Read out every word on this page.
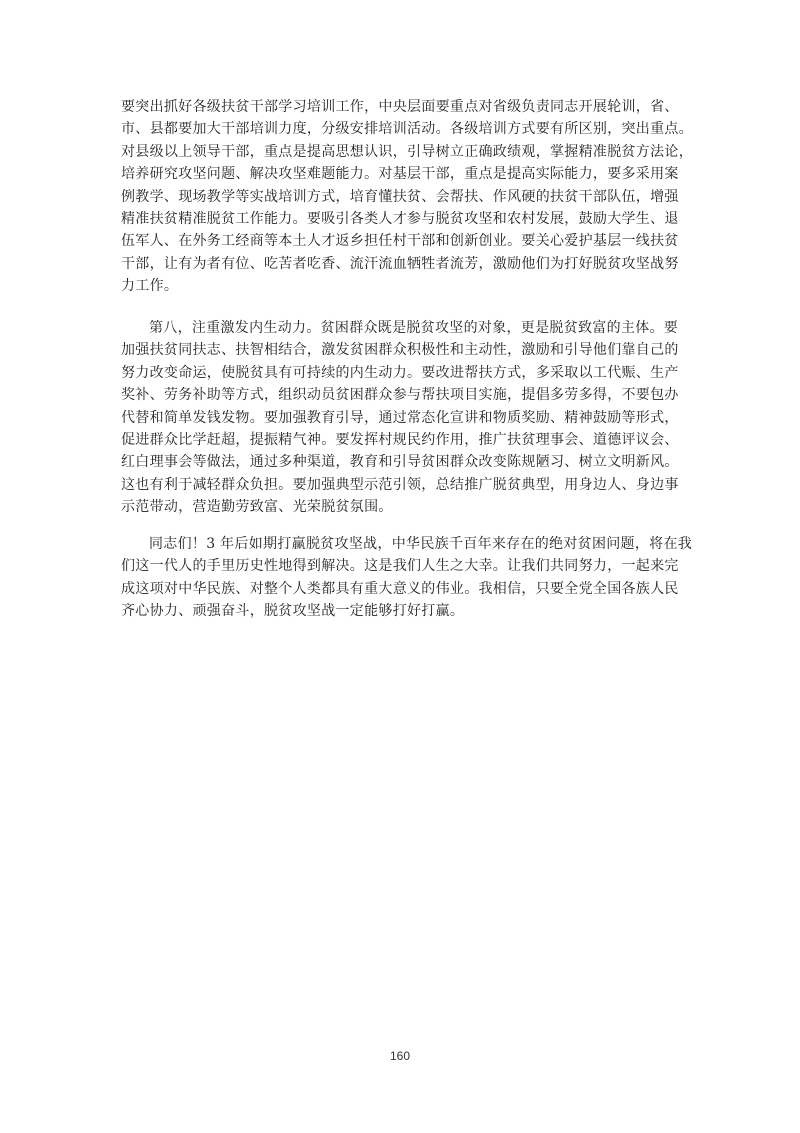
要突出抓好各级扶贫干部学习培训工作，中央层面要重点对省级负责同志开展轮训，省、
市、县都要加大干部培训力度，分级安排培训活动。各级培训方式要有所区别，突出重点。
对县级以上领导干部，重点是提高思想认识，引导树立正确政绩观，掌握精准脱贫方法论，
培养研究攻坚问题、解决攻坚难题能力。对基层干部，重点是提高实际能力，要多采用案
例教学、现场教学等实战培训方式，培育懂扶贫、会帮扶、作风硬的扶贫干部队伍，增强
精准扶贫精准脱贫工作能力。要吸引各类人才参与脱贫攻坚和农村发展，鼓励大学生、退
伍军人、在外务工经商等本土人才返乡担任村干部和创新创业。要关心爱护基层一线扶贫
干部，让有为者有位、吃苦者吃香、流汗流血牺牲者流芳，激励他们为打好脱贫攻坚战努
力工作。

第八，注重激发内生动力。贫困群众既是脱贫攻坚的对象，更是脱贫致富的主体。要
加强扶贫同扶志、扶智相结合，激发贫困群众积极性和主动性，激励和引导他们靠自己的
努力改变命运，使脱贫具有可持续的内生动力。要改进帮扶方式，多采取以工代赈、生产
奖补、劳务补助等方式，组织动员贫困群众参与帮扶项目实施，提倡多劳多得，不要包办
代替和简单发钱发物。要加强教育引导，通过常态化宣讲和物质奖励、精神鼓励等形式，
促进群众比学赶超，提振精气神。要发挥村规民约作用，推广扶贫理事会、道德评议会、
红白理事会等做法，通过多种渠道，教育和引导贫困群众改变陈规陋习、树立文明新风。
这也有利于减轻群众负担。要加强典型示范引领，总结推广脱贫典型，用身边人、身边事
示范带动，营造勤劳致富、光荣脱贫氛围。

同志们！3 年后如期打赢脱贫攻坚战，中华民族千百年来存在的绝对贫困问题，将在我
们这一代人的手里历史性地得到解决。这是我们人生之大幸。让我们共同努力，一起来完
成这项对中华民族、对整个人类都具有重大意义的伟业。我相信，只要全党全国各族人民
齐心协力、顽强奋斗，脱贫攻坚战一定能够打好打赢。

160
